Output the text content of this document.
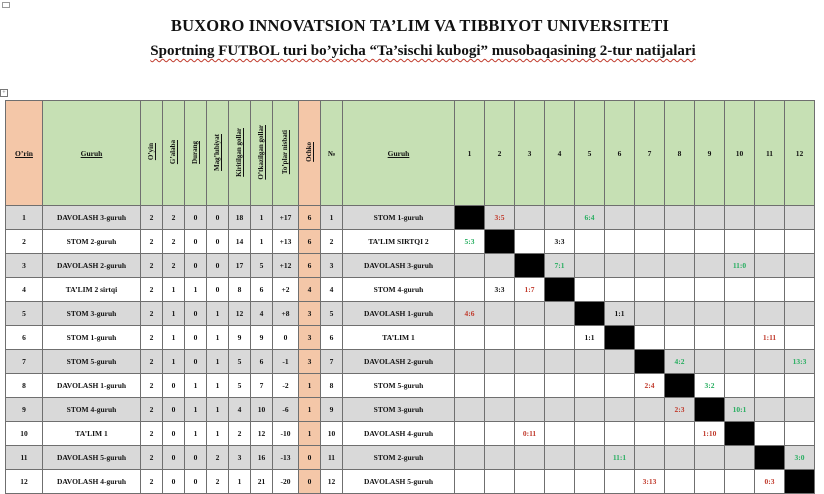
BUXORO INNOVATSION TA’LIM VA TIBBIYOT UNIVERSITETI
Sportning FUTBOL turi bo’yicha “Ta’sischi kubogi” musobaqasining 2-tur natijalari
+
O’rin	Guruh	O’yin	G’alaba	Durang	Mag’lubiyat	Kiritilgan gollar	O’tkazilgan gollar	To’plar nisbati	Ochko	№	Guruh	1	2	3	4	5	6	7	8	9	10	11	12
1	DAVOLASH 3-guruh	2	2	0	0	18	1	+17	6	1	STOM 1-guruh		3:5			6:4							
2	STOM 2-guruh	2	2	0	0	14	1	+13	6	2	TA’LIM SIRTQI 2	5:3			3:3								
3	DAVOLASH 2-guruh	2	2	0	0	17	5	+12	6	3	DAVOLASH 3-guruh				7:1						11:0		
4	TA’LIM 2 sirtqi	2	1	1	0	8	6	+2	4	4	STOM 4-guruh		3:3	1:7									
5	STOM 3-guruh	2	1	0	1	12	4	+8	3	5	DAVOLASH 1-guruh	4:6					1:1						
6	STOM 1-guruh	2	1	0	1	9	9	0	3	6	TA’LIM 1					1:1						1:11	
7	STOM 5-guruh	2	1	0	1	5	6	-1	3	7	DAVOLASH 2-guruh								4:2				13:3
8	DAVOLASH 1-guruh	2	0	1	1	5	7	-2	1	8	STOM 5-guruh							2:4		3:2			
9	STOM 4-guruh	2	0	1	1	4	10	-6	1	9	STOM 3-guruh								2:3		10:1		
10	TA’LIM 1	2	0	1	1	2	12	-10	1	10	DAVOLASH 4-guruh			0:11						1:10			
11	DAVOLASH 5-guruh	2	0	0	2	3	16	-13	0	11	STOM 2-guruh						11:1						3:0
12	DAVOLASH 4-guruh	2	0	0	2	1	21	-20	0	12	DAVOLASH 5-guruh							3:13				0:3	
